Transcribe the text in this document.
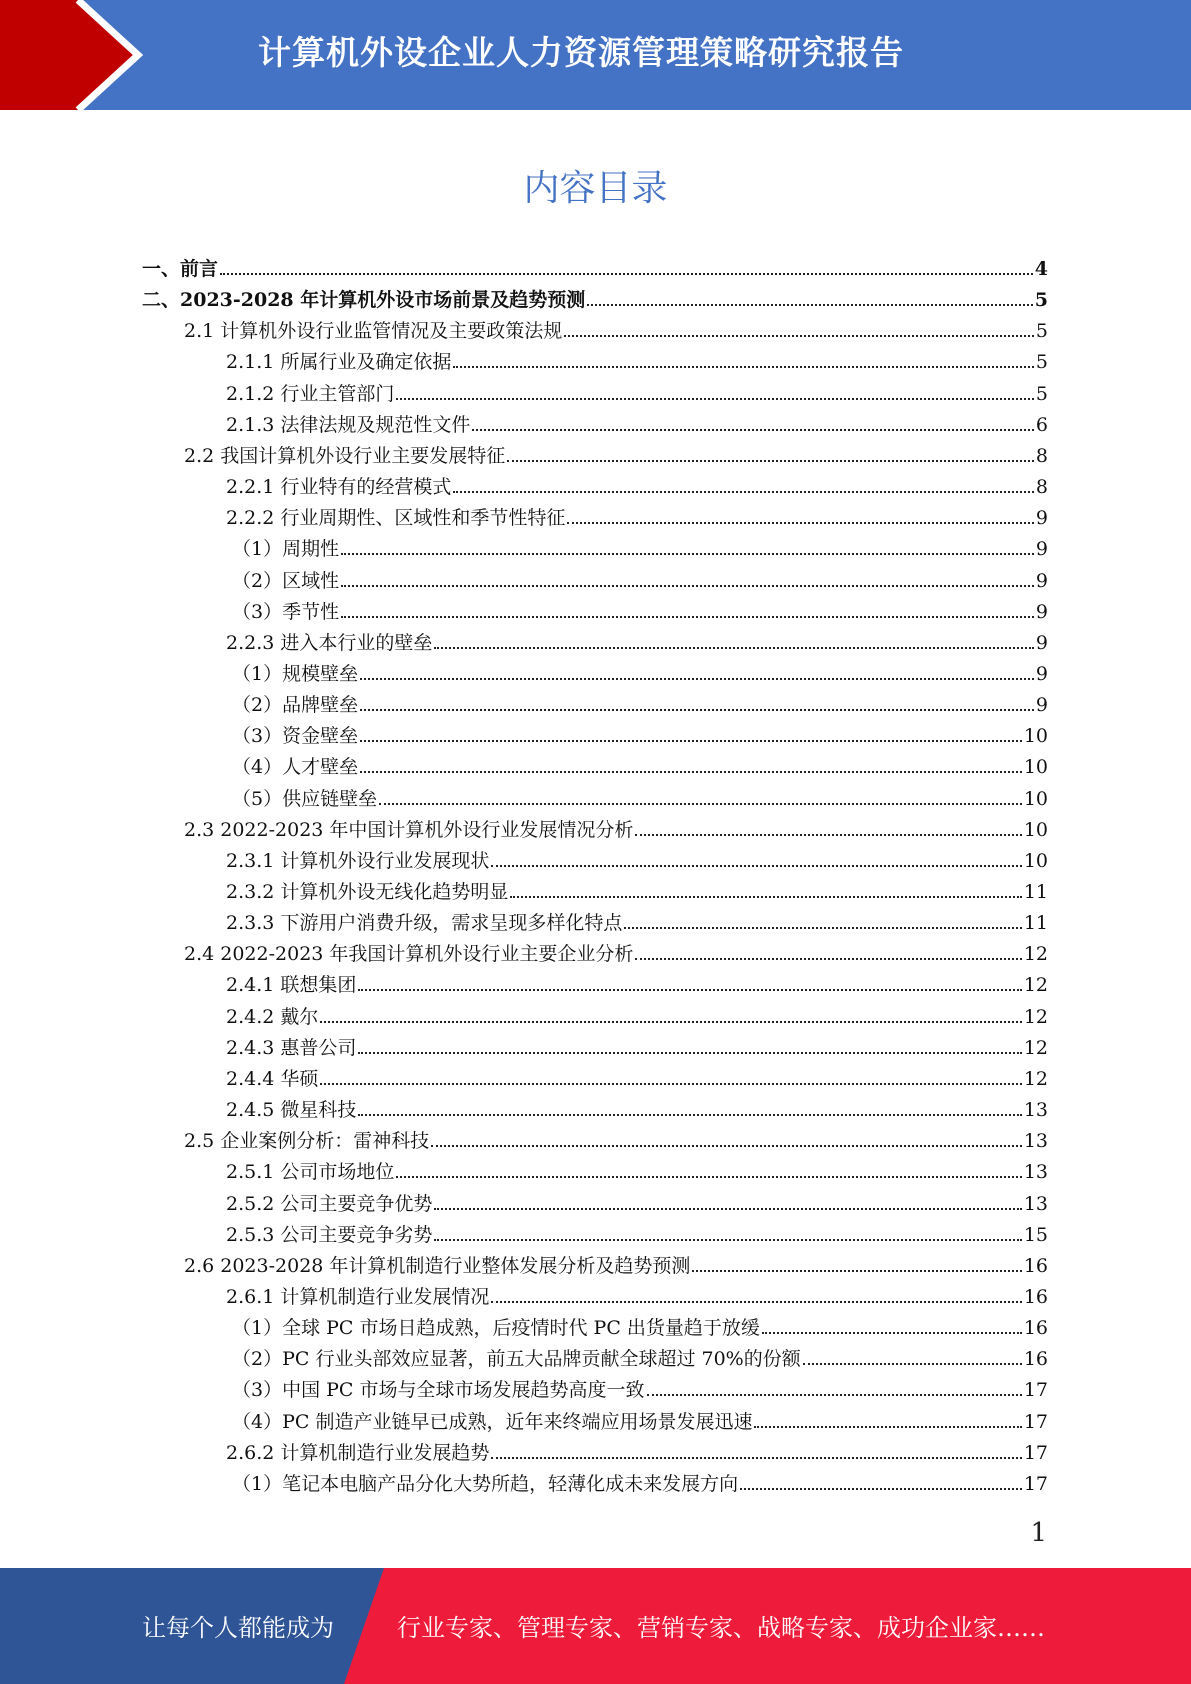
计算机外设企业人力资源管理策略研究报告
内容目录
一、前言	4
二、2023-2028 年计算机外设市场前景及趋势预测	5
2.1 计算机外设行业监管情况及主要政策法规	5
2.1.1 所属行业及确定依据	5
2.1.2 行业主管部门	5
2.1.3 法律法规及规范性文件	6
2.2 我国计算机外设行业主要发展特征	8
2.2.1 行业特有的经营模式	8
2.2.2 行业周期性、区域性和季节性特征	9
（1）周期性	9
（2）区域性	9
（3）季节性	9
2.2.3 进入本行业的壁垒	9
（1）规模壁垒	9
（2）品牌壁垒	9
（3）资金壁垒	10
（4）人才壁垒	10
（5）供应链壁垒	10
2.3 2022-2023 年中国计算机外设行业发展情况分析	10
2.3.1 计算机外设行业发展现状	10
2.3.2 计算机外设无线化趋势明显	11
2.3.3 下游用户消费升级，需求呈现多样化特点	11
2.4 2022-2023 年我国计算机外设行业主要企业分析	12
2.4.1 联想集团	12
2.4.2 戴尔	12
2.4.3 惠普公司	12
2.4.4 华硕	12
2.4.5 微星科技	13
2.5 企业案例分析：雷神科技	13
2.5.1 公司市场地位	13
2.5.2 公司主要竞争优势	13
2.5.3 公司主要竞争劣势	15
2.6 2023-2028 年计算机制造行业整体发展分析及趋势预测	16
2.6.1 计算机制造行业发展情况	16
（1）全球 PC 市场日趋成熟，后疫情时代 PC 出货量趋于放缓	16
（2）PC 行业头部效应显著，前五大品牌贡献全球超过 70%的份额	16
（3）中国 PC 市场与全球市场发展趋势高度一致	17
（4）PC 制造产业链早已成熟，近年来终端应用场景发展迅速	17
2.6.2 计算机制造行业发展趋势	17
（1）笔记本电脑产品分化大势所趋，轻薄化成未来发展方向	17
1
让每个人都能成为	行业专家、管理专家、营销专家、战略专家、成功企业家……
